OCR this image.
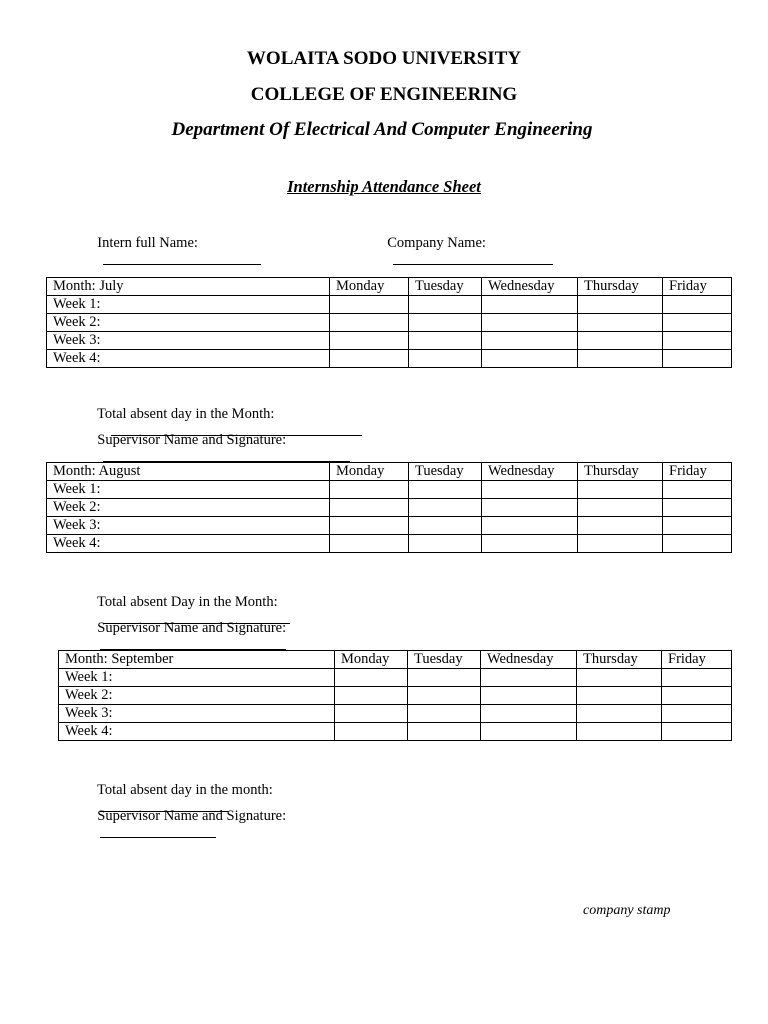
WOLAITA SODO UNIVERSITY
COLLEGE OF ENGINEERING
Department Of Electrical And Computer Engineering
Internship Attendance Sheet

Intern full Name:
	Company Name:

Month: July	Monday	Tuesday	Wednesday	Thursday	Friday
Week 1:					
Week 2:					
Week 3:					
Week 4:					

Total absent day in the Month:

Supervisor Name and Signature:

Month: August	Monday	Tuesday	Wednesday	Thursday	Friday
Week 1:					
Week 2:					
Week 3:					
Week 4:					

Total absent Day in the Month:

Supervisor Name and Signature:

Month: September	Monday	Tuesday	Wednesday	Thursday	Friday
Week 1:					
Week 2:					
Week 3:					
Week 4:					

Total absent day in the month:

Supervisor Name and Signature:

company stamp
